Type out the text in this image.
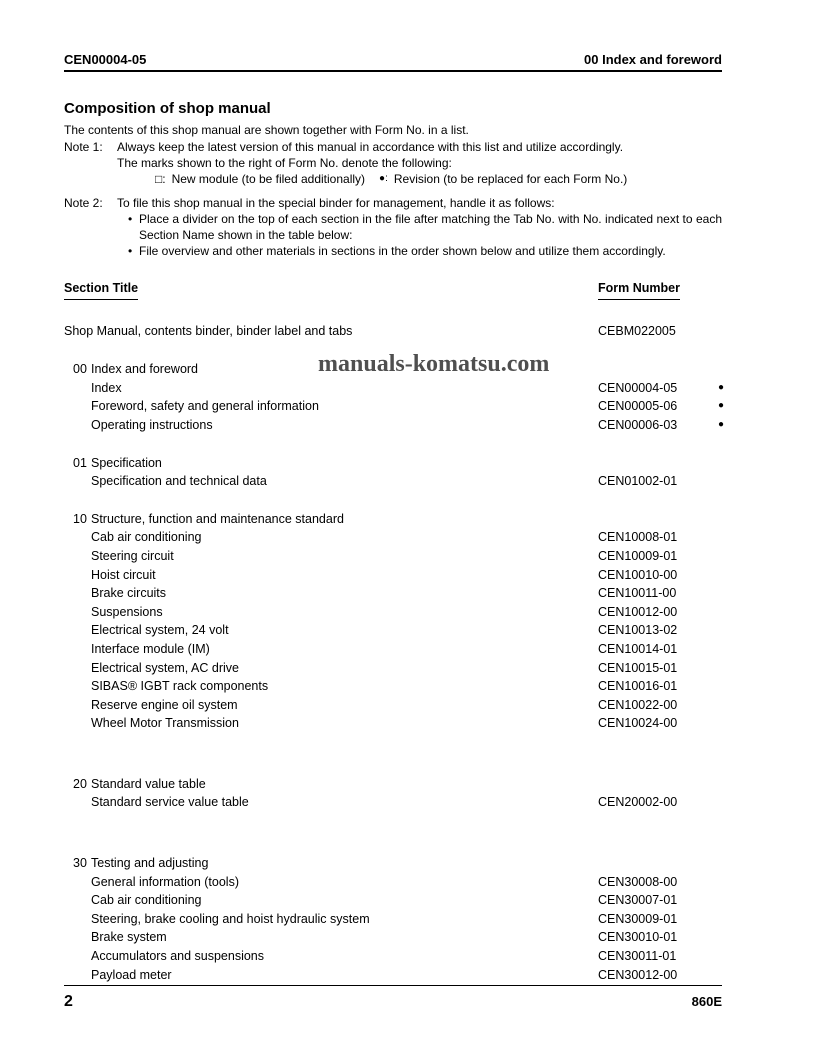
CEN00004-05	00 Index and foreword
Composition of shop manual
The contents of this shop manual are shown together with Form No. in a list.
Note 1:	Always keep the latest version of this manual in accordance with this list and utilize accordingly.
The marks shown to the right of Form No. denote the following:
□: New module (to be filed additionally) ●: Revision (to be replaced for each Form No.)
Note 2:	To file this shop manual in the special binder for management, handle it as follows:
• Place a divider on the top of each section in the file after matching the Tab No. with No. indicated next to each Section Name shown in the table below:
• File overview and other materials in sections in the order shown below and utilize them accordingly.
Section Title	Form Number
Shop Manual, contents binder, binder label and tabs	CEBM022005
00 Index and foreword
Index	CEN00004-05	●
Foreword, safety and general information	CEN00005-06	●
Operating instructions	CEN00006-03	●
01 Specification
Specification and technical data	CEN01002-01
10 Structure, function and maintenance standard
Cab air conditioning	CEN10008-01
Steering circuit	CEN10009-01
Hoist circuit	CEN10010-00
Brake circuits	CEN10011-00
Suspensions	CEN10012-00
Electrical system, 24 volt	CEN10013-02
Interface module (IM)	CEN10014-01
Electrical system, AC drive	CEN10015-01
SIBAS® IGBT rack components	CEN10016-01
Reserve engine oil system	CEN10022-00
Wheel Motor Transmission	CEN10024-00
20 Standard value table
Standard service value table	CEN20002-00
30 Testing and adjusting
General information (tools)	CEN30008-00
Cab air conditioning	CEN30007-01
Steering, brake cooling and hoist hydraulic system	CEN30009-01
Brake system	CEN30010-01
Accumulators and suspensions	CEN30011-01
Payload meter	CEN30012-00
manuals-komatsu.com
2	860E
